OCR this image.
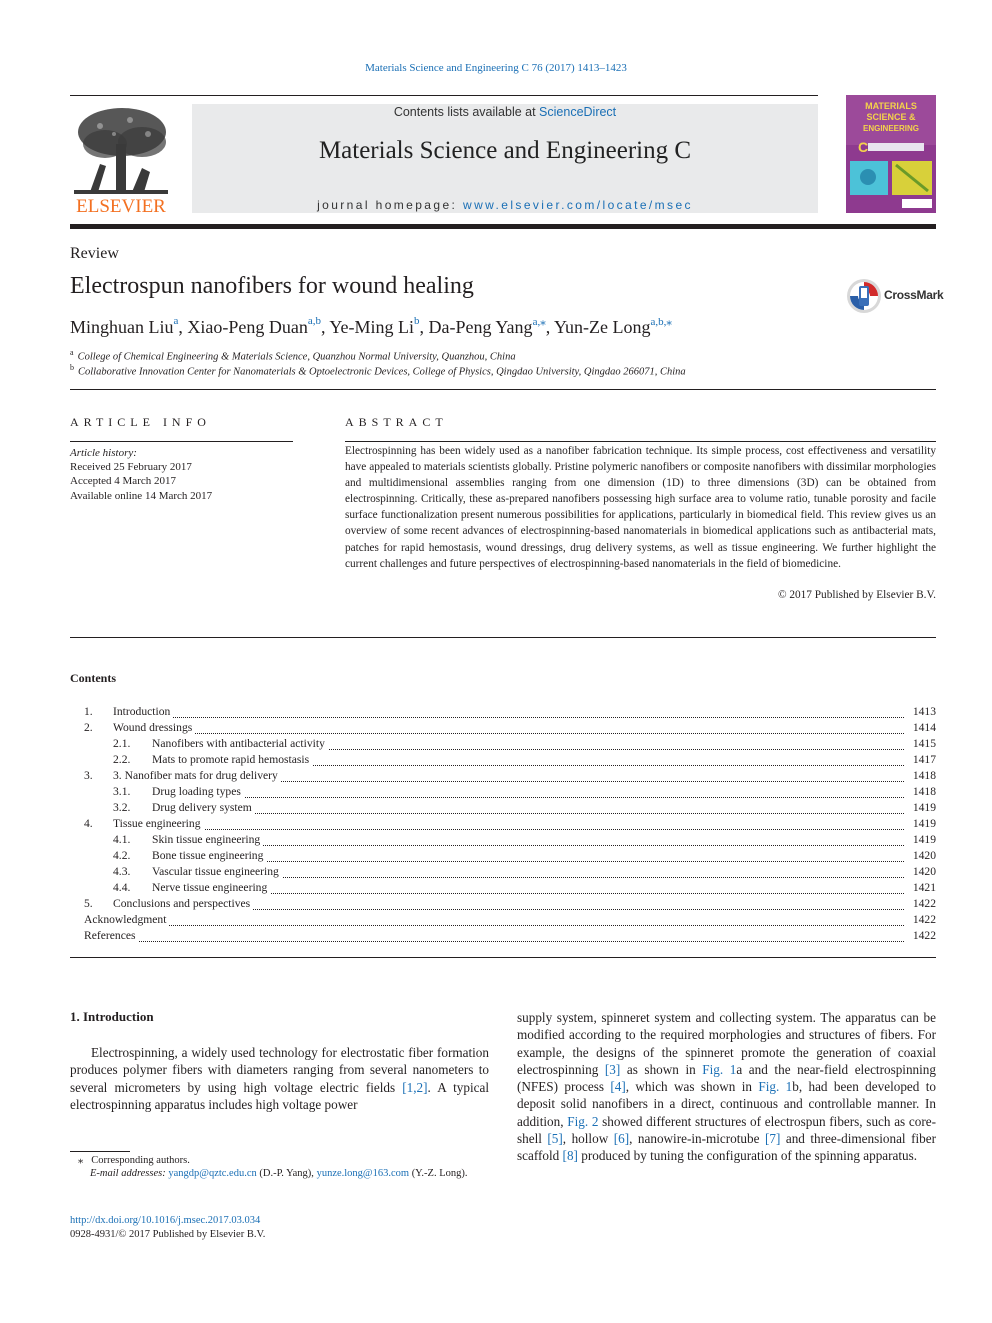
Materials Science and Engineering C 76 (2017) 1413–1423
ELSEVIER
Contents lists available at ScienceDirect
Materials Science and Engineering C
journal homepage: www.elsevier.com/locate/msec
MATERIALS
SCIENCE &
ENGINEERING
C
Review
Electrospun nanofibers for wound healing	CrossMark
Minghuan Liu$^a$, Xiao-Peng Duan$^{a,b}$, Ye-Ming Li$^b$, Da-Peng Yang$^{a,⁎}$, Yun-Ze Long$^{a,b,⁎}$
$^a$ College of Chemical Engineering & Materials Science, Quanzhou Normal University, Quanzhou, China
$^b$ Collaborative Innovation Center for Nanomaterials & Optoelectronic Devices, College of Physics, Qingdao University, Qingdao 266071, China
ARTICLE INFO
Article history:
Received 25 February 2017
Accepted 4 March 2017
Available online 14 March 2017
ABSTRACT
Electrospinning has been widely used as a nanofiber fabrication technique. Its simple process, cost effectiveness and versatility have appealed to materials scientists globally. Pristine polymeric nanofibers or composite nanofibers with dissimilar morphologies and multidimensional assemblies ranging from one dimension (1D) to three dimensions (3D) can be obtained from electrospinning. Critically, these as-prepared nanofibers possessing high surface area to volume ratio, tunable porosity and facile surface functionalization present numerous possibilities for applications, particularly in biomedical field. This review gives us an overview of some recent advances of electrospinning-based nanomaterials in biomedical applications such as antibacterial mats, patches for rapid hemostasis, wound dressings, drug delivery systems, as well as tissue engineering. We further highlight the current challenges and future perspectives of electrospinning-based nanomaterials in the field of biomedicine.
© 2017 Published by Elsevier B.V.
Contents
1. Introduction	1413
2. Wound dressings	1414
2.1. Nanofibers with antibacterial activity	1415
2.2. Mats to promote rapid hemostasis	1417
3. 3. Nanofiber mats for drug delivery	1418
3.1. Drug loading types	1418
3.2. Drug delivery system	1419
4. Tissue engineering	1419
4.1. Skin tissue engineering	1419
4.2. Bone tissue engineering	1420
4.3. Vascular tissue engineering	1420
4.4. Nerve tissue engineering	1421
5. Conclusions and perspectives	1422
Acknowledgment	1422
References	1422
1. Introduction
Electrospinning, a widely used technology for electrostatic fiber formation produces polymer fibers with diameters ranging from several nanometers to several micrometers by using high voltage electric fields [1,2]. A typical electrospinning apparatus includes high voltage power
supply system, spinneret system and collecting system. The apparatus can be modified according to the required morphologies and structures of fibers. For example, the designs of the spinneret promote the generation of coaxial electrospinning [3] as shown in Fig. 1a and the near-field electrospinning (NFES) process [4], which was shown in Fig. 1b, had been developed to deposit solid nanofibers in a direct, continuous and controllable manner. In addition, Fig. 2 showed different structures of electrospun fibers, such as core-shell [5], hollow [6], nanowire-in-microtube [7] and three-dimensional fiber scaffold [8] produced by tuning the configuration of the spinning apparatus.
⁎ Corresponding authors.
E-mail addresses: yangdp@qztc.edu.cn (D.-P. Yang), yunze.long@163.com (Y.-Z. Long).
http://dx.doi.org/10.1016/j.msec.2017.03.034
0928-4931/© 2017 Published by Elsevier B.V.
